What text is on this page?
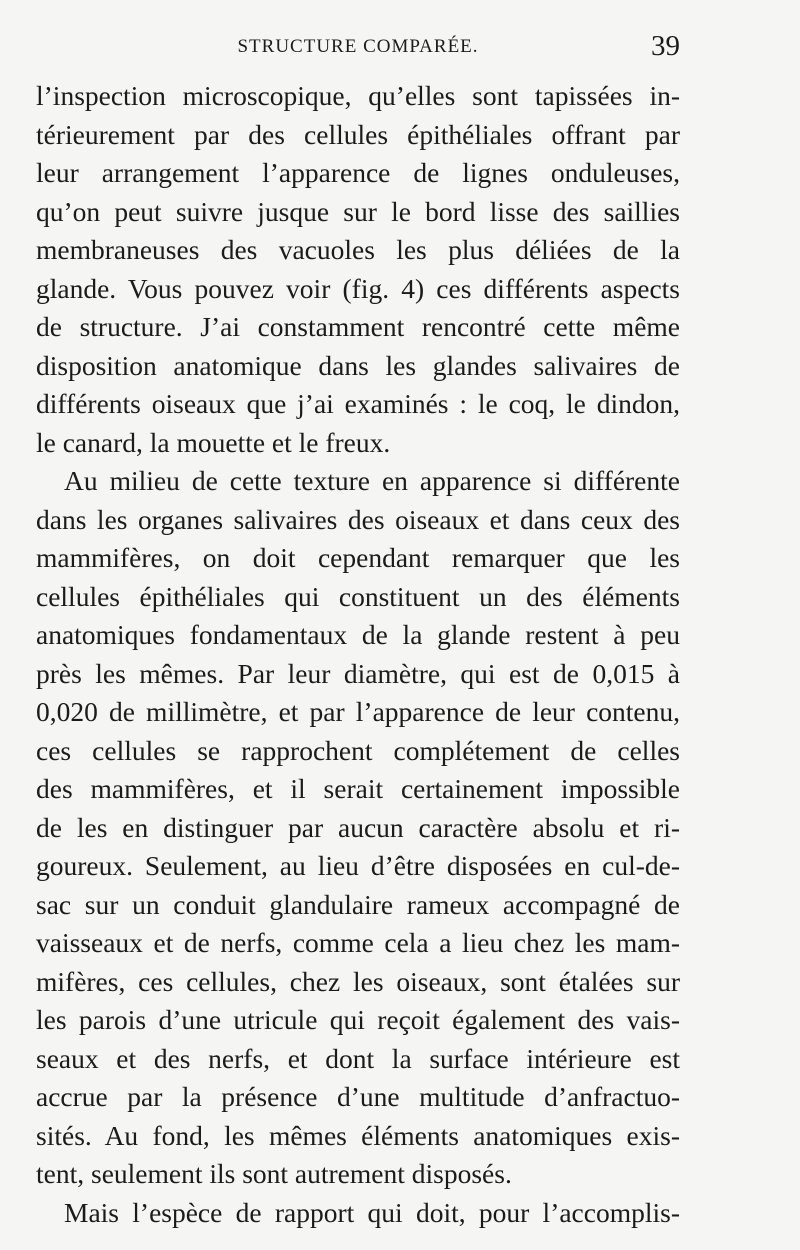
STRUCTURE COMPARÉE.	39
l’inspection microscopique, qu’elles sont tapissées in-
térieurement par des cellules épithéliales offrant par
leur arrangement l’apparence de lignes onduleuses,
qu’on peut suivre jusque sur le bord lisse des saillies
membraneuses des vacuoles les plus déliées de la
glande. Vous pouvez voir (fig. 4) ces différents aspects
de structure. J’ai constamment rencontré cette même
disposition anatomique dans les glandes salivaires de
différents oiseaux que j’ai examinés : le coq, le dindon,
le canard, la mouette et le freux.
Au milieu de cette texture en apparence si différente
dans les organes salivaires des oiseaux et dans ceux des
mammifères, on doit cependant remarquer que les
cellules épithéliales qui constituent un des éléments
anatomiques fondamentaux de la glande restent à peu
près les mêmes. Par leur diamètre, qui est de 0,015 à
0,020 de millimètre, et par l’apparence de leur contenu,
ces cellules se rapprochent complétement de celles
des mammifères, et il serait certainement impossible
de les en distinguer par aucun caractère absolu et ri-
goureux. Seulement, au lieu d’être disposées en cul-de-
sac sur un conduit glandulaire rameux accompagné de
vaisseaux et de nerfs, comme cela a lieu chez les mam-
mifères, ces cellules, chez les oiseaux, sont étalées sur
les parois d’une utricule qui reçoit également des vais-
seaux et des nerfs, et dont la surface intérieure est
accrue par la présence d’une multitude d’anfractuo-
sités. Au fond, les mêmes éléments anatomiques exis-
tent, seulement ils sont autrement disposés.
Mais l’espèce de rapport qui doit, pour l’accomplis-
